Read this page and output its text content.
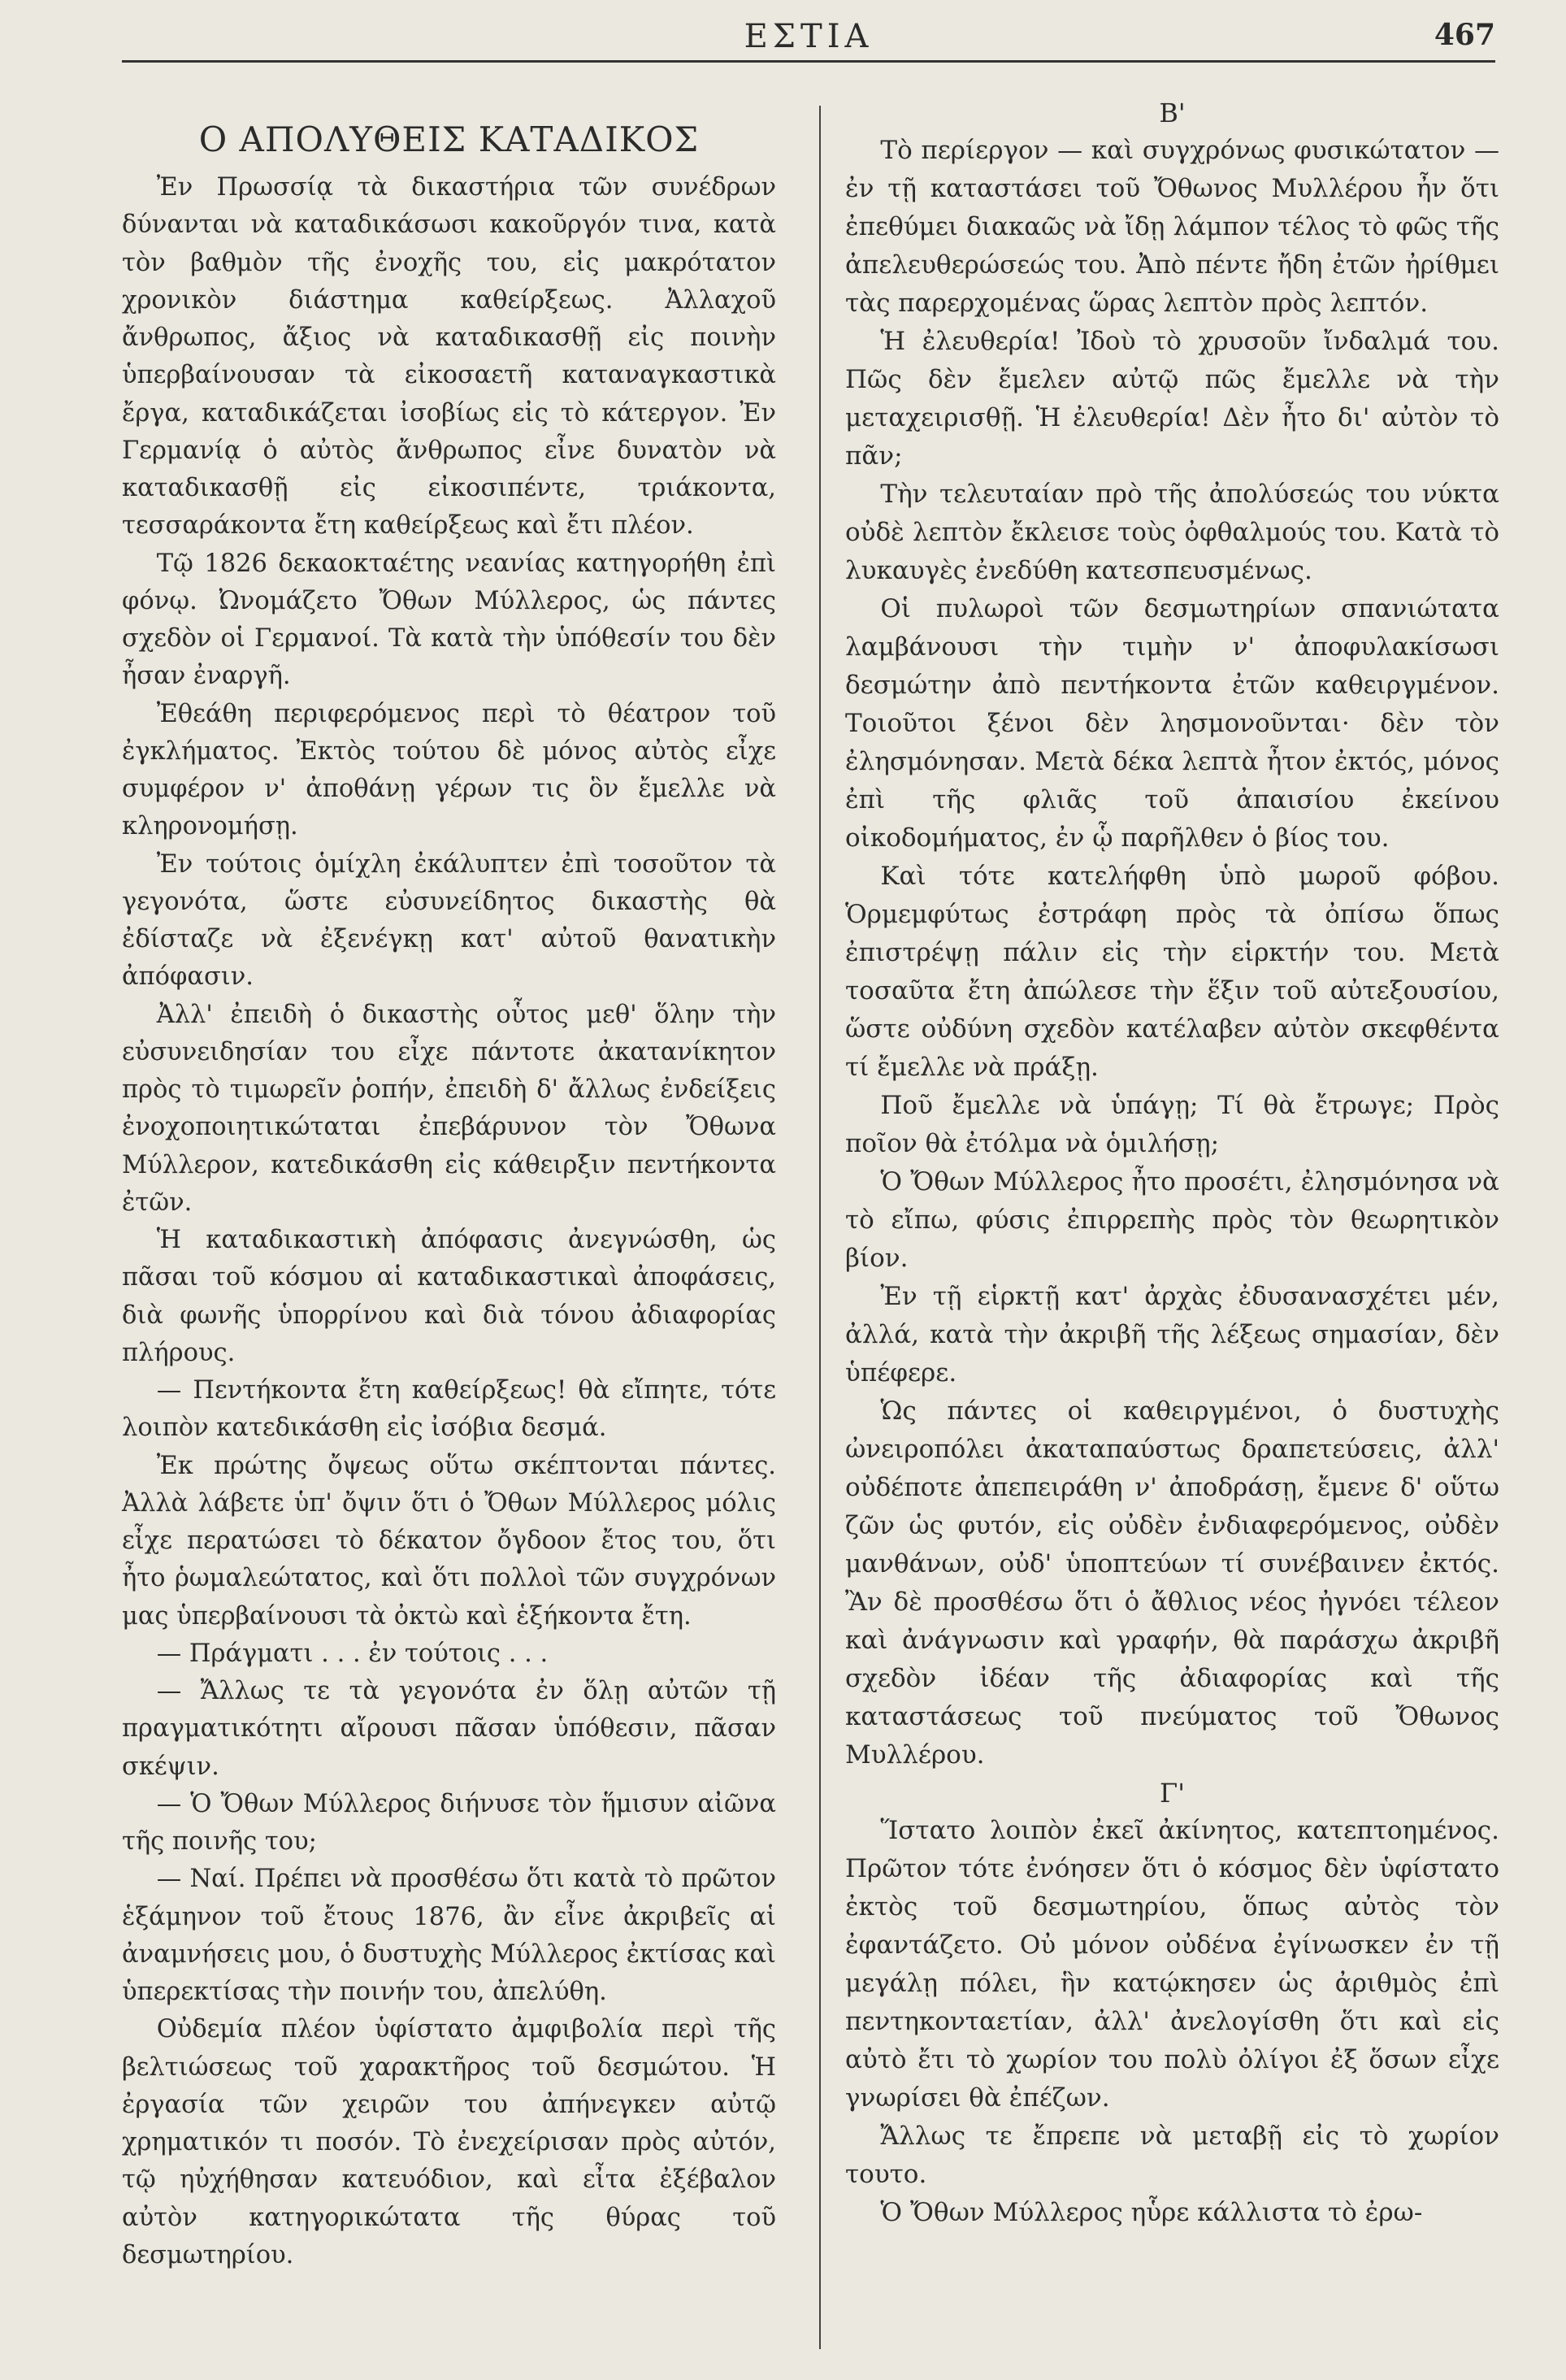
ΕΣΤΙΑ	467
Ο ΑΠΟΛΥΘΕΙΣ ΚΑΤΑΔΙΚΟΣ

Ἐν Πρωσσίᾳ τὰ δικαστήρια τῶν συνέδρων δύνανται νὰ καταδικάσωσι κακοῦργόν τινα, κατὰ τὸν βαθμὸν τῆς ἐνοχῆς του, εἰς μακρότατον χρονικὸν διάστημα καθείρξεως. Ἀλλαχοῦ ἄνθρωπος, ἄξιος νὰ καταδικασθῇ εἰς ποινὴν ὑπερβαίνουσαν τὰ εἰκοσαετῆ καταναγκαστικὰ ἔργα, καταδικάζεται ἰσοβίως εἰς τὸ κάτεργον. Ἐν Γερμανίᾳ ὁ αὐτὸς ἄνθρωπος εἶνε δυνατὸν νὰ καταδικασθῇ εἰς εἰκοσιπέντε, τριάκοντα, τεσσαράκοντα ἔτη καθείρξεως καὶ ἔτι πλέον.

Τῷ 1826 δεκαοκταέτης νεανίας κατηγορήθη ἐπὶ φόνῳ. Ὠνομάζετο Ὄθων Μύλλερος, ὡς πάντες σχεδὸν οἱ Γερμανοί. Τὰ κατὰ τὴν ὑπόθεσίν του δὲν ἦσαν ἐναργῆ.

Ἐθεάθη περιφερόμενος περὶ τὸ θέατρον τοῦ ἐγκλήματος. Ἐκτὸς τούτου δὲ μόνος αὐτὸς εἶχε συμφέρον ν' ἀποθάνῃ γέρων τις ὃν ἔμελλε νὰ κληρονομήσῃ.

Ἐν τούτοις ὁμίχλη ἐκάλυπτεν ἐπὶ τοσοῦτον τὰ γεγονότα, ὥστε εὐσυνείδητος δικαστὴς θὰ ἐδίσταζε νὰ ἐξενέγκῃ κατ' αὐτοῦ θανατικὴν ἀπόφασιν.

Ἀλλ' ἐπειδὴ ὁ δικαστὴς οὗτος μεθ' ὅλην τὴν εὐσυνειδησίαν του εἶχε πάντοτε ἀκατανίκητον πρὸς τὸ τιμωρεῖν ῥοπήν, ἐπειδὴ δ' ἄλλως ἐνδείξεις ἐνοχοποιητικώταται ἐπεβάρυνον τὸν Ὄθωνα Μύλλερον, κατεδικάσθη εἰς κάθειρξιν πεντήκοντα ἐτῶν.

Ἡ καταδικαστικὴ ἀπόφασις ἀνεγνώσθη, ὡς πᾶσαι τοῦ κόσμου αἱ καταδικαστικαὶ ἀποφάσεις, διὰ φωνῆς ὑπορρίνου καὶ διὰ τόνου ἀδιαφορίας πλήρους.

— Πεντήκοντα ἔτη καθείρξεως! θὰ εἴπητε, τότε λοιπὸν κατεδικάσθη εἰς ἰσόβια δεσμά.

Ἐκ πρώτης ὄψεως οὕτω σκέπτονται πάντες. Ἀλλὰ λάβετε ὑπ' ὄψιν ὅτι ὁ Ὄθων Μύλλερος μόλις εἶχε περατώσει τὸ δέκατον ὄγδοον ἔτος του, ὅτι ἦτο ῥωμαλεώτατος, καὶ ὅτι πολλοὶ τῶν συγχρόνων μας ὑπερβαίνουσι τὰ ὀκτὼ καὶ ἑξήκοντα ἔτη.

— Πράγματι . . . ἐν τούτοις . . .

— Ἄλλως τε τὰ γεγονότα ἐν ὅλῃ αὐτῶν τῇ πραγματικότητι αἴρουσι πᾶσαν ὑπόθεσιν, πᾶσαν σκέψιν.

— Ὁ Ὄθων Μύλλερος διήνυσε τὸν ἥμισυν αἰῶνα τῆς ποινῆς του;

— Ναί. Πρέπει νὰ προσθέσω ὅτι κατὰ τὸ πρῶτον ἑξάμηνον τοῦ ἔτους 1876, ἂν εἶνε ἀκριβεῖς αἱ ἀναμνήσεις μου, ὁ δυστυχὴς Μύλλερος ἐκτίσας καὶ ὑπερεκτίσας τὴν ποινήν του, ἀπελύθη.

Οὐδεμία πλέον ὑφίστατο ἀμφιβολία περὶ τῆς βελτιώσεως τοῦ χαρακτῆρος τοῦ δεσμώτου. Ἡ ἐργασία τῶν χειρῶν του ἀπήνεγκεν αὐτῷ χρηματικόν τι ποσόν. Τὸ ἐνεχείρισαν πρὸς αὐτόν, τῷ ηὐχήθησαν κατευόδιον, καὶ εἶτα ἐξέβαλον αὐτὸν κατηγορικώτατα τῆς θύρας τοῦ δεσμωτηρίου.

Β'

Τὸ περίεργον — καὶ συγχρόνως φυσικώτατον — ἐν τῇ καταστάσει τοῦ Ὄθωνος Μυλλέρου ἦν ὅτι ἐπεθύμει διακαῶς νὰ ἴδῃ λάμπον τέλος τὸ φῶς τῆς ἀπελευθερώσεώς του. Ἀπὸ πέντε ἤδη ἐτῶν ἠρίθμει τὰς παρερχομένας ὥρας λεπτὸν πρὸς λεπτόν.

Ἡ ἐλευθερία! Ἰδοὺ τὸ χρυσοῦν ἴνδαλμά του. Πῶς δὲν ἔμελεν αὐτῷ πῶς ἔμελλε νὰ τὴν μεταχειρισθῇ. Ἡ ἐλευθερία! Δὲν ἦτο δι' αὐτὸν τὸ πᾶν;

Τὴν τελευταίαν πρὸ τῆς ἀπολύσεώς του νύκτα οὐδὲ λεπτὸν ἔκλεισε τοὺς ὀφθαλμούς του. Κατὰ τὸ λυκαυγὲς ἐνεδύθη κατεσπευσμένως.

Οἱ πυλωροὶ τῶν δεσμωτηρίων σπανιώτατα λαμβάνουσι τὴν τιμὴν ν' ἀποφυλακίσωσι δεσμώτην ἀπὸ πεντήκοντα ἐτῶν καθειργμένον. Τοιοῦτοι ξένοι δὲν λησμονοῦνται· δὲν τὸν ἐλησμόνησαν. Μετὰ δέκα λεπτὰ ἦτον ἐκτός, μόνος ἐπὶ τῆς φλιᾶς τοῦ ἀπαισίου ἐκείνου οἰκοδομήματος, ἐν ᾧ παρῆλθεν ὁ βίος του.

Καὶ τότε κατελήφθη ὑπὸ μωροῦ φόβου. Ὁρμεμφύτως ἐστράφη πρὸς τὰ ὀπίσω ὅπως ἐπιστρέψῃ πάλιν εἰς τὴν εἱρκτήν του. Μετὰ τοσαῦτα ἔτη ἀπώλεσε τὴν ἕξιν τοῦ αὐτεξουσίου, ὥστε οὐδύνη σχεδὸν κατέλαβεν αὐτὸν σκεφθέντα τί ἔμελλε νὰ πράξῃ.

Ποῦ ἔμελλε νὰ ὑπάγῃ; Τί θὰ ἔτρωγε; Πρὸς ποῖον θὰ ἐτόλμα νὰ ὁμιλήσῃ;

Ὁ Ὄθων Μύλλερος ἦτο προσέτι, ἐλησμόνησα νὰ τὸ εἴπω, φύσις ἐπιρρεπὴς πρὸς τὸν θεωρητικὸν βίον.

Ἐν τῇ εἱρκτῇ κατ' ἀρχὰς ἐδυσανασχέτει μέν, ἀλλά, κατὰ τὴν ἀκριβῆ τῆς λέξεως σημασίαν, δὲν ὑπέφερε.

Ὡς πάντες οἱ καθειργμένοι, ὁ δυστυχὴς ὠνειροπόλει ἀκαταπαύστως δραπετεύσεις, ἀλλ' οὐδέποτε ἀπεπειράθη ν' ἀποδράσῃ, ἔμενε δ' οὕτω ζῶν ὡς φυτόν, εἰς οὐδὲν ἐνδιαφερόμενος, οὐδὲν μανθάνων, οὐδ' ὑποπτεύων τί συνέβαινεν ἐκτός. Ἂν δὲ προσθέσω ὅτι ὁ ἄθλιος νέος ἠγνόει τέλεον καὶ ἀνάγνωσιν καὶ γραφήν, θὰ παράσχω ἀκριβῆ σχεδὸν ἰδέαν τῆς ἀδιαφορίας καὶ τῆς καταστάσεως τοῦ πνεύματος τοῦ Ὄθωνος Μυλλέρου.

Γ'

Ἵστατο λοιπὸν ἐκεῖ ἀκίνητος, κατεπτοημένος. Πρῶτον τότε ἐνόησεν ὅτι ὁ κόσμος δὲν ὑφίστατο ἐκτὸς τοῦ δεσμωτηρίου, ὅπως αὐτὸς τὸν ἐφαντάζετο. Οὐ μόνον οὐδένα ἐγίνωσκεν ἐν τῇ μεγάλῃ πόλει, ἣν κατῴκησεν ὡς ἀριθμὸς ἐπὶ πεντηκονταετίαν, ἀλλ' ἀνελογίσθη ὅτι καὶ εἰς αὐτὸ ἔτι τὸ χωρίον του πολὺ ὀλίγοι ἐξ ὅσων εἶχε γνωρίσει θὰ ἐπέζων.

Ἄλλως τε ἔπρεπε νὰ μεταβῇ εἰς τὸ χωρίον τουτο.

Ὁ Ὄθων Μύλλερος ηὗρε κάλλιστα τὸ ἐρω-
